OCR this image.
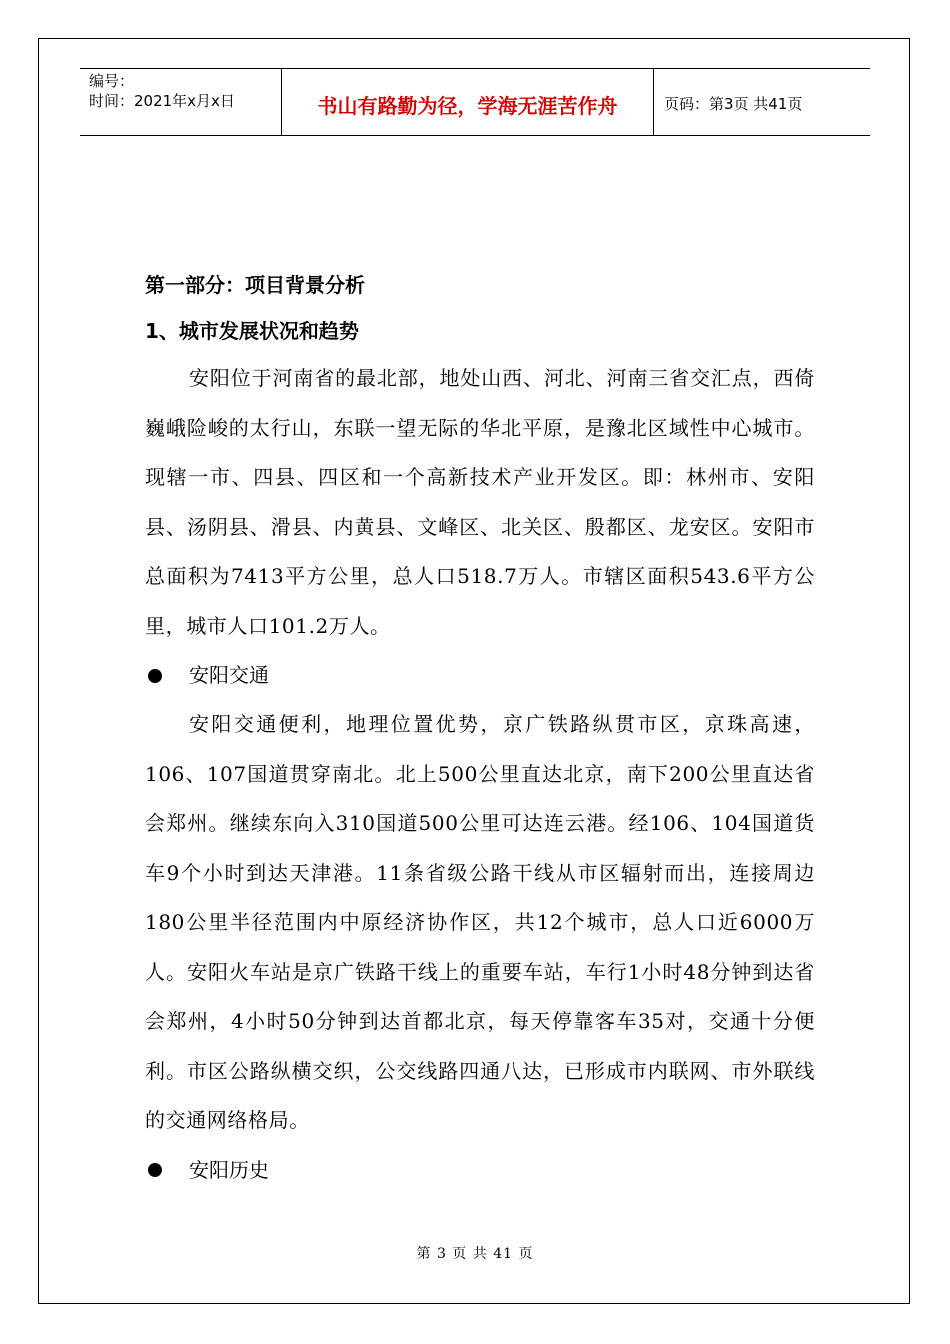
编号：
时间：2021年x月x日	书山有路勤为径，学海无涯苦作舟	页码：第3页 共41页

第一部分：项目背景分析

1、城市发展状况和趋势

安阳位于河南省的最北部，地处山西、河北、河南三省交汇点，西倚巍峨险峻的太行山，东联一望无际的华北平原，是豫北区域性中心城市。现辖一市、四县、四区和一个高新技术产业开发区。即：林州市、安阳县、汤阴县、滑县、内黄县、文峰区、北关区、殷都区、龙安区。安阳市总面积为7413平方公里，总人口518.7万人。市辖区面积543.6平方公里，城市人口101.2万人。

安阳交通

安阳交通便利，地理位置优势，京广铁路纵贯市区，京珠高速，106、107国道贯穿南北。北上500公里直达北京，南下200公里直达省会郑州。继续东向入310国道500公里可达连云港。经106、104国道货车9个小时到达天津港。11条省级公路干线从市区辐射而出，连接周边180公里半径范围内中原经济协作区，共12个城市，总人口近6000万人。安阳火车站是京广铁路干线上的重要车站，车行1小时48分钟到达省会郑州，4小时50分钟到达首都北京，每天停靠客车35对，交通十分便利。市区公路纵横交织，公交线路四通八达，已形成市内联网、市外联线的交通网络格局。

安阳历史
第 3 页 共 41 页
